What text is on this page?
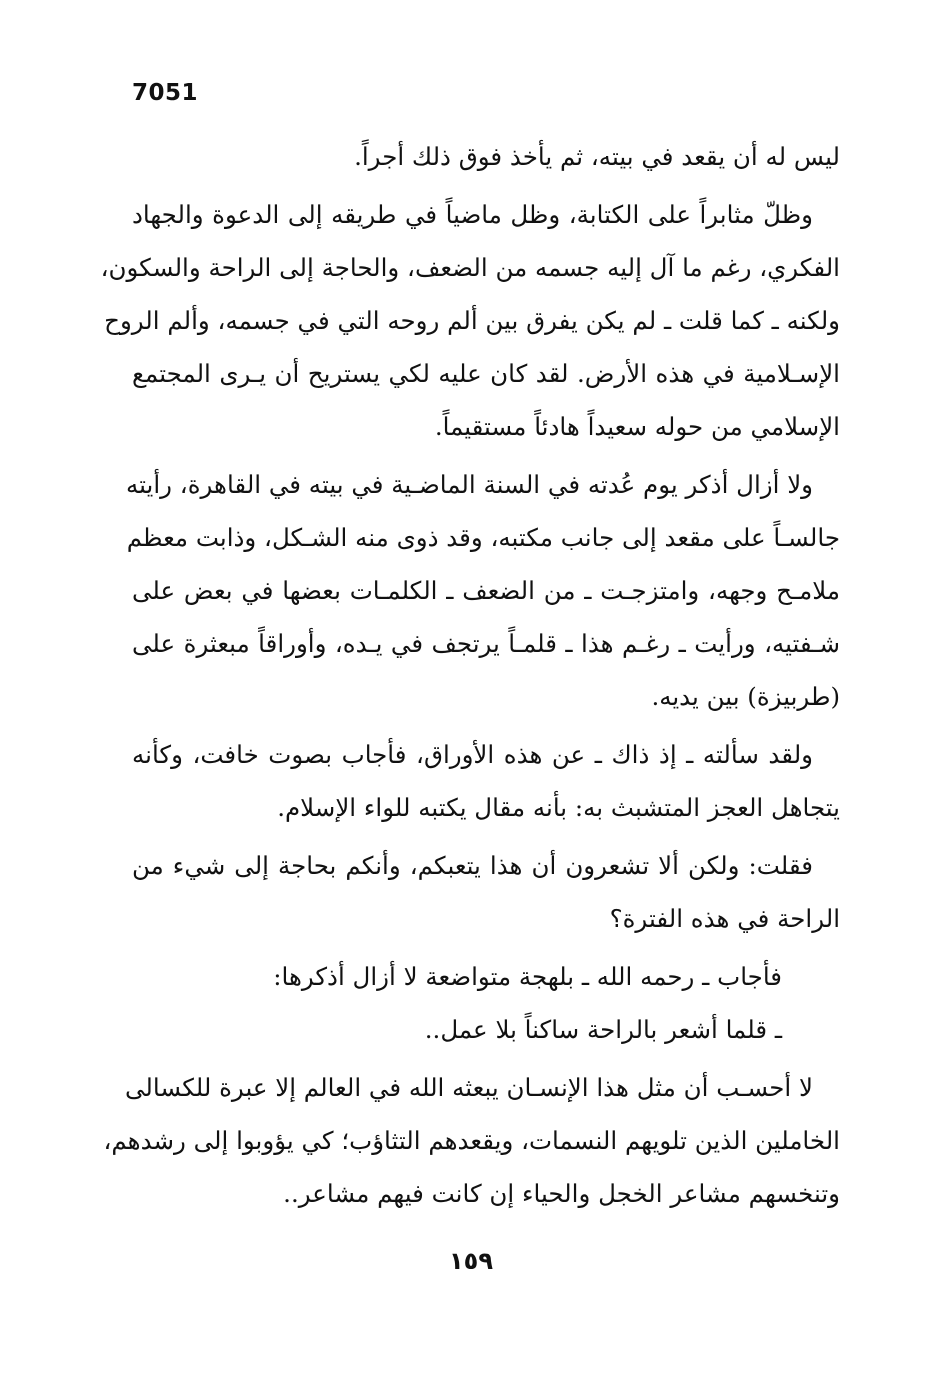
7051
ليس له أن يقعد في بيته، ثم يأخذ فوق ذلك أجراً.
وظلّ مثابراً على الكتابة، وظل ماضياً في طريقه إلى الدعوة والجهاد
الفكري، رغم ما آل إليه جسمه من الضعف، والحاجة إلى الراحة والسكون،
ولكنه ـ كما قلت ـ لم يكن يفرق بين ألم روحه التي في جسمه، وألم الروح
الإسـلامية في هذه الأرض. لقد كان عليه لكي يستريح أن يـرى المجتمع
الإسلامي من حوله سعيداً هادئاً مستقيماً.
ولا أزال أذكر يوم عُدته في السنة الماضـية في بيته في القاهرة، رأيته
جالسـاً على مقعد إلى جانب مكتبه، وقد ذوى منه الشـكل، وذابت معظم
ملامـح وجهه، وامتزجـت ـ من الضعف ـ الكلمـات بعضها في بعض على
شـفتيه، ورأيت ـ رغـم هذا ـ قلمـاً يرتجف في يـده، وأوراقاً مبعثرة على
(طربيزة) بين يديه.
ولقد سألته ـ إذ ذاك ـ عن هذه الأوراق، فأجاب بصوت خافت، وكأنه
يتجاهل العجز المتشبث به: بأنه مقال يكتبه للواء الإسلام.
فقلت: ولكن ألا تشعرون أن هذا يتعبكم، وأنكم بحاجة إلى شيء من
الراحة في هذه الفترة؟
فأجاب ـ رحمه الله ـ بلهجة متواضعة لا أزال أذكرها:
ـ قلما أشعر بالراحة ساكناً بلا عمل..
لا أحسـب أن مثل هذا الإنسـان يبعثه الله في العالم إلا عبرة للكسالى
الخاملين الذين تلويهم النسمات، ويقعدهم التثاؤب؛ كي يؤوبوا إلى رشدهم،
وتنخسهم مشاعر الخجل والحياء إن كانت فيهم مشاعر..
١٥٩
